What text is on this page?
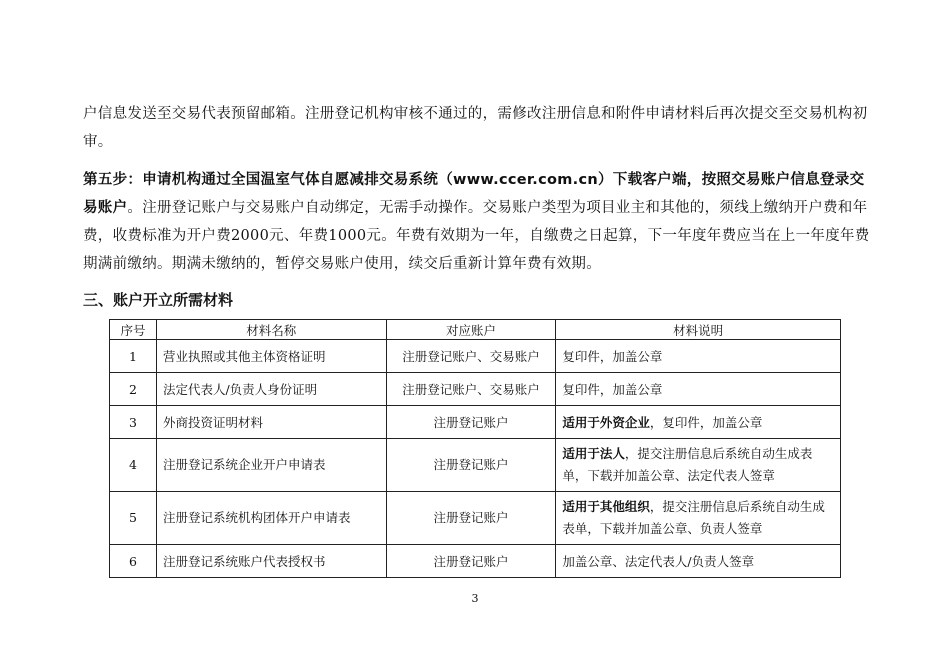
户信息发送至交易代表预留邮箱。注册登记机构审核不通过的，需修改注册信息和附件申请材料后再次提交至交易机构初审。
第五步：申请机构通过全国温室气体自愿减排交易系统（www.ccer.com.cn）下载客户端，按照交易账户信息登录交易账户。注册登记账户与交易账户自动绑定，无需手动操作。交易账户类型为项目业主和其他的，须线上缴纳开户费和年费，收费标准为开户费2000元、年费1000元。年费有效期为一年，自缴费之日起算，下一年度年费应当在上一年度年费期满前缴纳。期满未缴纳的，暂停交易账户使用，续交后重新计算年费有效期。
三、账户开立所需材料
序号	材料名称	对应账户	材料说明
1	营业执照或其他主体资格证明	注册登记账户、交易账户	复印件，加盖公章
2	法定代表人/负责人身份证明	注册登记账户、交易账户	复印件，加盖公章
3	外商投资证明材料	注册登记账户	适用于外资企业，复印件，加盖公章
4	注册登记系统企业开户申请表	注册登记账户	适用于法人，提交注册信息后系统自动生成表单，下载并加盖公章、法定代表人签章
5	注册登记系统机构团体开户申请表	注册登记账户	适用于其他组织，提交注册信息后系统自动生成表单，下载并加盖公章、负责人签章
6	注册登记系统账户代表授权书	注册登记账户	加盖公章、法定代表人/负责人签章
3
